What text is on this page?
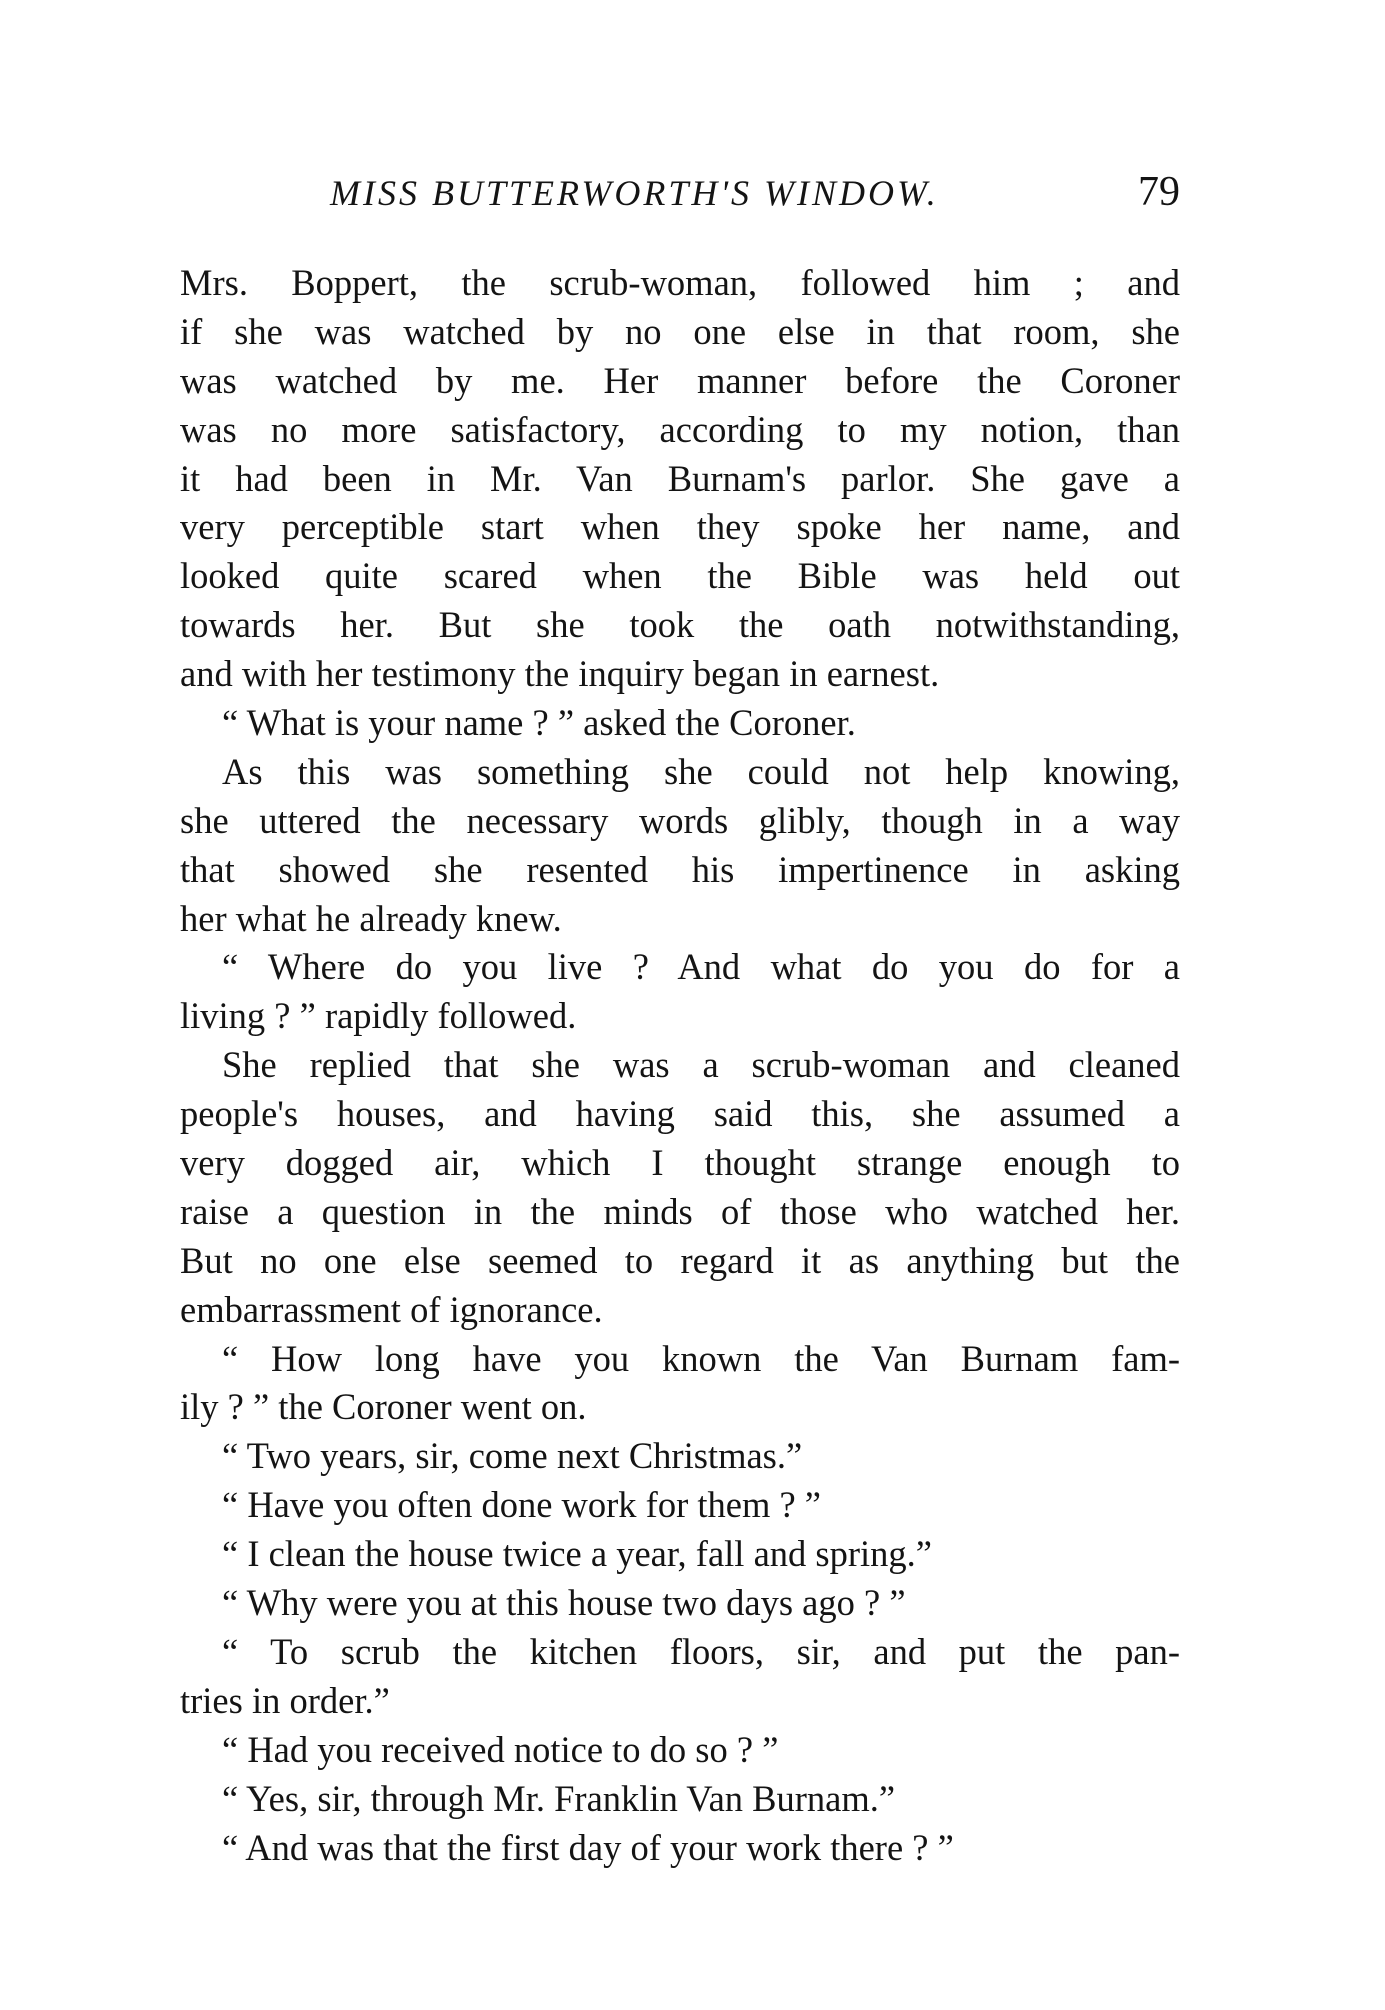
MISS BUTTERWORTH'S WINDOW.	79
Mrs. Boppert, the scrub-woman, followed him ; and
if she was watched by no one else in that room, she
was watched by me. Her manner before the Coroner
was no more satisfactory, according to my notion, than
it had been in Mr. Van Burnam's parlor. She gave a
very perceptible start when they spoke her name, and
looked quite scared when the Bible was held out
towards her. But she took the oath notwithstanding,
and with her testimony the inquiry began in earnest.
“ What is your name ? ” asked the Coroner.
As this was something she could not help knowing,
she uttered the necessary words glibly, though in a way
that showed she resented his impertinence in asking
her what he already knew.
“ Where do you live ? And what do you do for a
living ? ” rapidly followed.
She replied that she was a scrub-woman and cleaned
people's houses, and having said this, she assumed a
very dogged air, which I thought strange enough to
raise a question in the minds of those who watched her.
But no one else seemed to regard it as anything but the
embarrassment of ignorance.
“ How long have you known the Van Burnam fam-
ily ? ” the Coroner went on.
“ Two years, sir, come next Christmas.”
“ Have you often done work for them ? ”
“ I clean the house twice a year, fall and spring.”
“ Why were you at this house two days ago ? ”
“ To scrub the kitchen floors, sir, and put the pan-
tries in order.”
“ Had you received notice to do so ? ”
“ Yes, sir, through Mr. Franklin Van Burnam.”
“ And was that the first day of your work there ? ”
